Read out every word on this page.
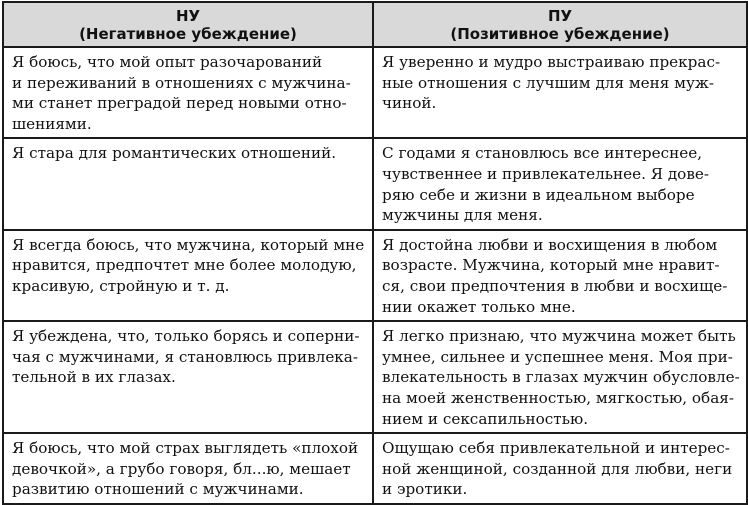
НУ
(Негативное убеждение)	ПУ
(Позитивное убеждение)

Я боюсь, что мой опыт разочарований
и переживаний в отношениях с мужчина-
ми станет преградой перед новыми отно-
шениями.	Я уверенно и мудро выстраиваю прекрас-
ные отношения с лучшим для меня муж-
чиной.

Я стара для романтических отношений.	С годами я становлюсь все интереснее,
чувственнее и привлекательнее. Я дове-
ряю себе и жизни в идеальном выборе
мужчины для меня.

Я всегда боюсь, что мужчина, который мне
нравится, предпочтет мне более молодую,
красивую, стройную и т. д.	Я достойна любви и восхищения в любом
возрасте. Мужчина, который мне нравит-
ся, свои предпочтения в любви и восхище-
нии окажет только мне.

Я убеждена, что, только борясь и соперни-
чая с мужчинами, я становлюсь привлека-
тельной в их глазах.	Я легко признаю, что мужчина может быть
умнее, сильнее и успешнее меня. Моя при-
влекательность в глазах мужчин обусловле-
на моей женственностью, мягкостью, обая-
нием и сексапильностью.

Я боюсь, что мой страх выглядеть «плохой
девочкой», а грубо говоря, бл...ю, мешает
развитию отношений с мужчинами.	Ощущаю себя привлекательной и интерес-
ной женщиной, созданной для любви, неги
и эротики.
